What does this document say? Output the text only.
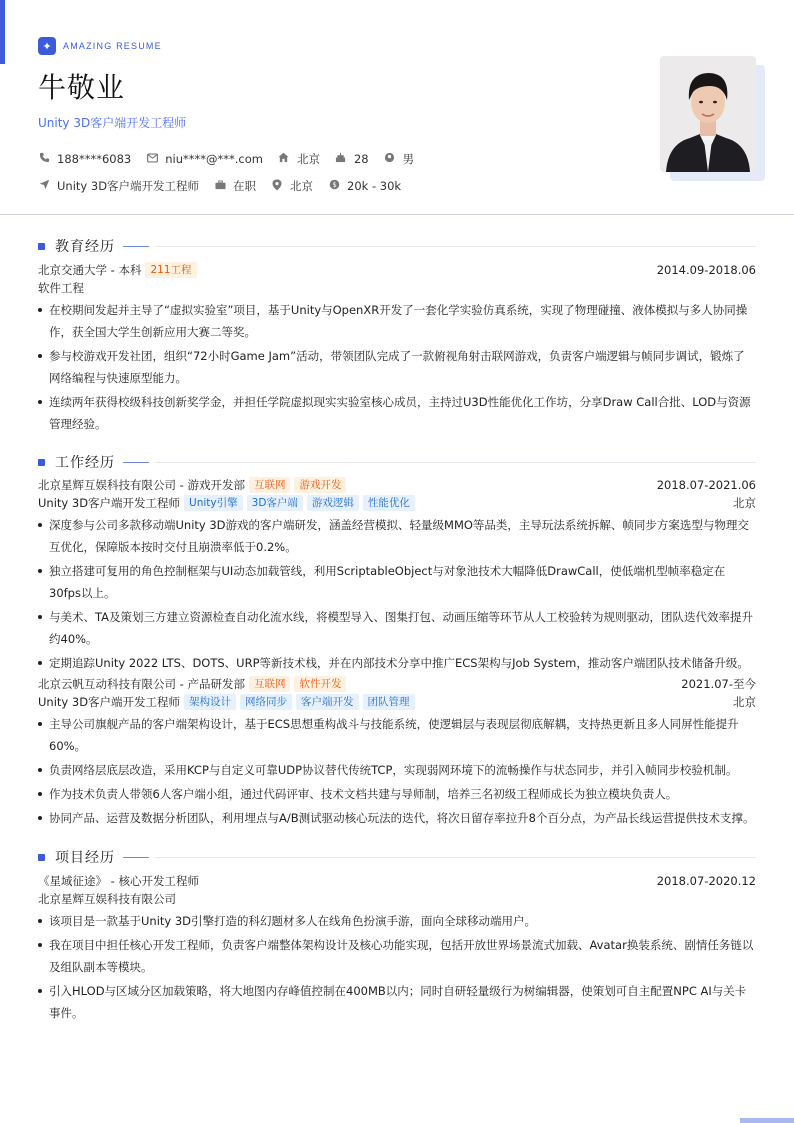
✦	AMAZING RESUME
牛敬业
Unity 3D客户端开发工程师
188****6083	niu****@***.com	北京	28	男
Unity 3D客户端开发工程师	在职	北京	$ 20k - 30k
教育经历
北京交通大学 - 本科 211工程	2014.09-2018.06
软件工程
在校期间发起并主导了“虚拟实验室”项目，基于Unity与OpenXR开发了一套化学实验仿真系统，实现了物理碰撞、液体模拟与多人协同操作，获全国大学生创新应用大赛二等奖。
参与校游戏开发社团，组织“72小时Game Jam”活动，带领团队完成了一款俯视角射击联网游戏，负责客户端逻辑与帧同步调试，锻炼了网络编程与快速原型能力。
连续两年获得校级科技创新奖学金，并担任学院虚拟现实实验室核心成员，主持过U3D性能优化工作坊，分享Draw Call合批、LOD与资源管理经验。
工作经历
北京星辉互娱科技有限公司 - 游戏开发部 互联网	游戏开发	2018.07-2021.06
Unity 3D客户端开发工程师 Unity引擎	3D客户端	游戏逻辑	性能优化	北京
深度参与公司多款移动端Unity 3D游戏的客户端研发，涵盖经营模拟、轻量级MMO等品类，主导玩法系统拆解、帧同步方案选型与物理交互优化，保障版本按时交付且崩溃率低于0.2%。
独立搭建可复用的角色控制框架与UI动态加载管线，利用ScriptableObject与对象池技术大幅降低DrawCall，使低端机型帧率稳定在30fps以上。
与美术、TA及策划三方建立资源检查自动化流水线，将模型导入、图集打包、动画压缩等环节从人工校验转为规则驱动，团队迭代效率提升约40%。
定期追踪Unity 2022 LTS、DOTS、URP等新技术栈，并在内部技术分享中推广ECS架构与Job System，推动客户端团队技术储备升级。
北京云帆互动科技有限公司 - 产品研发部 互联网	软件开发	2021.07-至今
Unity 3D客户端开发工程师 架构设计	网络同步	客户端开发	团队管理	北京
主导公司旗舰产品的客户端架构设计，基于ECS思想重构战斗与技能系统，使逻辑层与表现层彻底解耦，支持热更新且多人同屏性能提升60%。
负责网络层底层改造，采用KCP与自定义可靠UDP协议替代传统TCP，实现弱网环境下的流畅操作与状态同步，并引入帧同步校验机制。
作为技术负责人带领6人客户端小组，通过代码评审、技术文档共建与导师制，培养三名初级工程师成长为独立模块负责人。
协同产品、运营及数据分析团队，利用埋点与A/B测试驱动核心玩法的迭代，将次日留存率拉升8个百分点，为产品长线运营提供技术支撑。
项目经历
《星域征途》 - 核心开发工程师	2018.07-2020.12
北京星辉互娱科技有限公司
该项目是一款基于Unity 3D引擎打造的科幻题材多人在线角色扮演手游，面向全球移动端用户。
我在项目中担任核心开发工程师，负责客户端整体架构设计及核心功能实现，包括开放世界场景流式加载、Avatar换装系统、剧情任务链以及组队副本等模块。
引入HLOD与区域分区加载策略，将大地图内存峰值控制在400MB以内；同时自研轻量级行为树编辑器，使策划可自主配置NPC AI与关卡事件。
